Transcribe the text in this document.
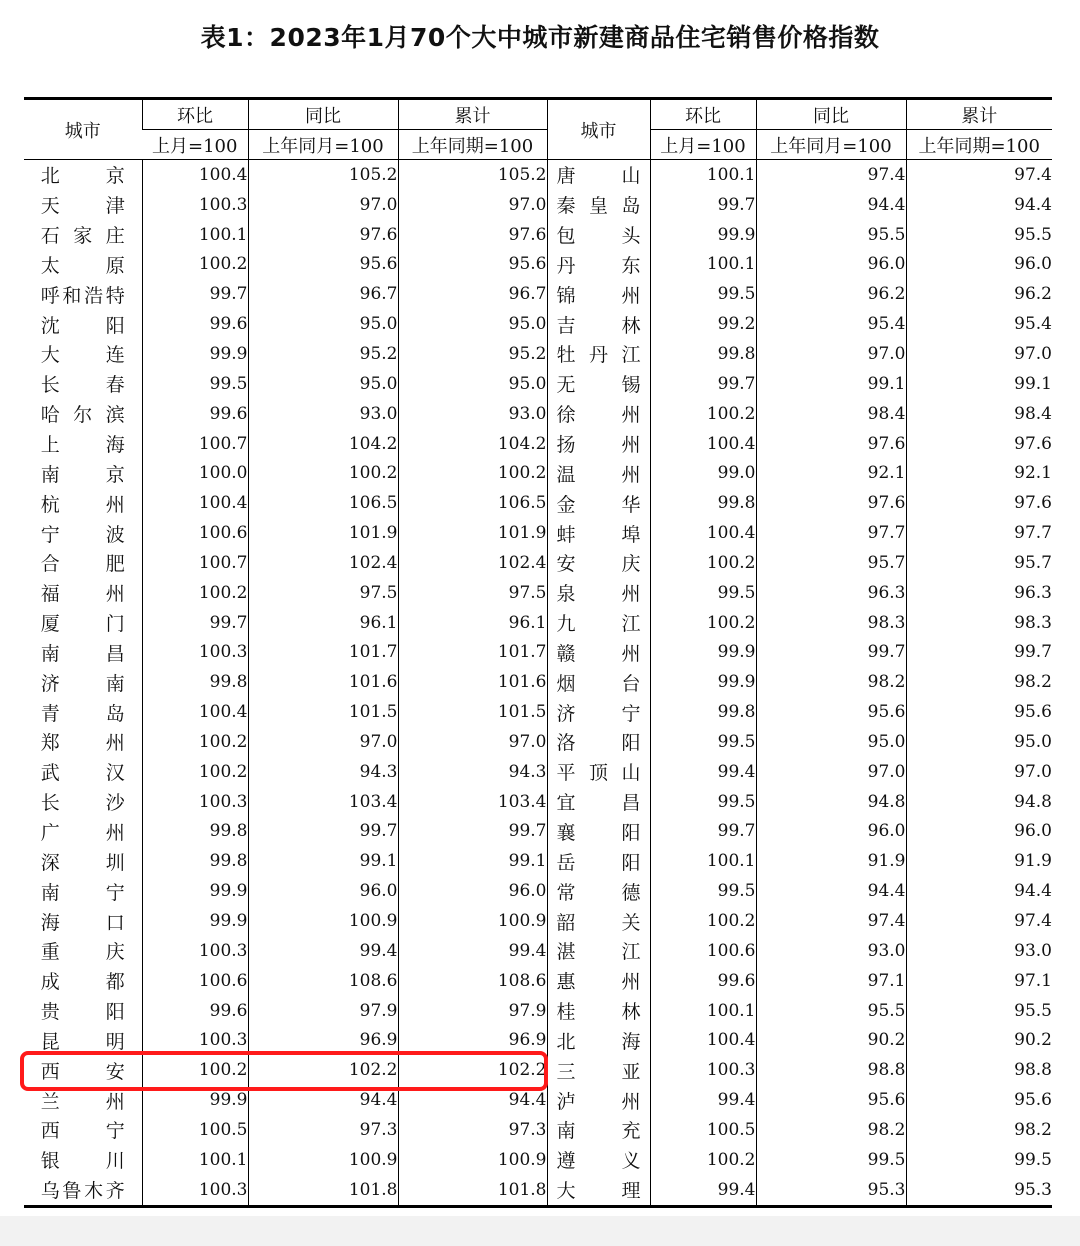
表1：2023年1月70个大中城市新建商品住宅销售价格指数
城市	环比	同比	累计	城市	环比	同比	累计
	上月=100	上年同月=100	上年同期=100		上月=100	上年同月=100	上年同期=100
北京	100.4	105.2	105.2	唐山	100.1	97.4	97.4
天津	100.3	97.0	97.0	秦皇岛	99.7	94.4	94.4
石家庄	100.1	97.6	97.6	包头	99.9	95.5	95.5
太原	100.2	95.6	95.6	丹东	100.1	96.0	96.0
呼和浩特	99.7	96.7	96.7	锦州	99.5	96.2	96.2
沈阳	99.6	95.0	95.0	吉林	99.2	95.4	95.4
大连	99.9	95.2	95.2	牡丹江	99.8	97.0	97.0
长春	99.5	95.0	95.0	无锡	99.7	99.1	99.1
哈尔滨	99.6	93.0	93.0	徐州	100.2	98.4	98.4
上海	100.7	104.2	104.2	扬州	100.4	97.6	97.6
南京	100.0	100.2	100.2	温州	99.0	92.1	92.1
杭州	100.4	106.5	106.5	金华	99.8	97.6	97.6
宁波	100.6	101.9	101.9	蚌埠	100.4	97.7	97.7
合肥	100.7	102.4	102.4	安庆	100.2	95.7	95.7
福州	100.2	97.5	97.5	泉州	99.5	96.3	96.3
厦门	99.7	96.1	96.1	九江	100.2	98.3	98.3
南昌	100.3	101.7	101.7	赣州	99.9	99.7	99.7
济南	99.8	101.6	101.6	烟台	99.9	98.2	98.2
青岛	100.4	101.5	101.5	济宁	99.8	95.6	95.6
郑州	100.2	97.0	97.0	洛阳	99.5	95.0	95.0
武汉	100.2	94.3	94.3	平顶山	99.4	97.0	97.0
长沙	100.3	103.4	103.4	宜昌	99.5	94.8	94.8
广州	99.8	99.7	99.7	襄阳	99.7	96.0	96.0
深圳	99.8	99.1	99.1	岳阳	100.1	91.9	91.9
南宁	99.9	96.0	96.0	常德	99.5	94.4	94.4
海口	99.9	100.9	100.9	韶关	100.2	97.4	97.4
重庆	100.3	99.4	99.4	湛江	100.6	93.0	93.0
成都	100.6	108.6	108.6	惠州	99.6	97.1	97.1
贵阳	99.6	97.9	97.9	桂林	100.1	95.5	95.5
昆明	100.3	96.9	96.9	北海	100.4	90.2	90.2
西安	100.2	102.2	102.2	三亚	100.3	98.8	98.8
兰州	99.9	94.4	94.4	泸州	99.4	95.6	95.6
西宁	100.5	97.3	97.3	南充	100.5	98.2	98.2
银川	100.1	100.9	100.9	遵义	100.2	99.5	99.5
乌鲁木齐	100.3	101.8	101.8	大理	99.4	95.3	95.3
